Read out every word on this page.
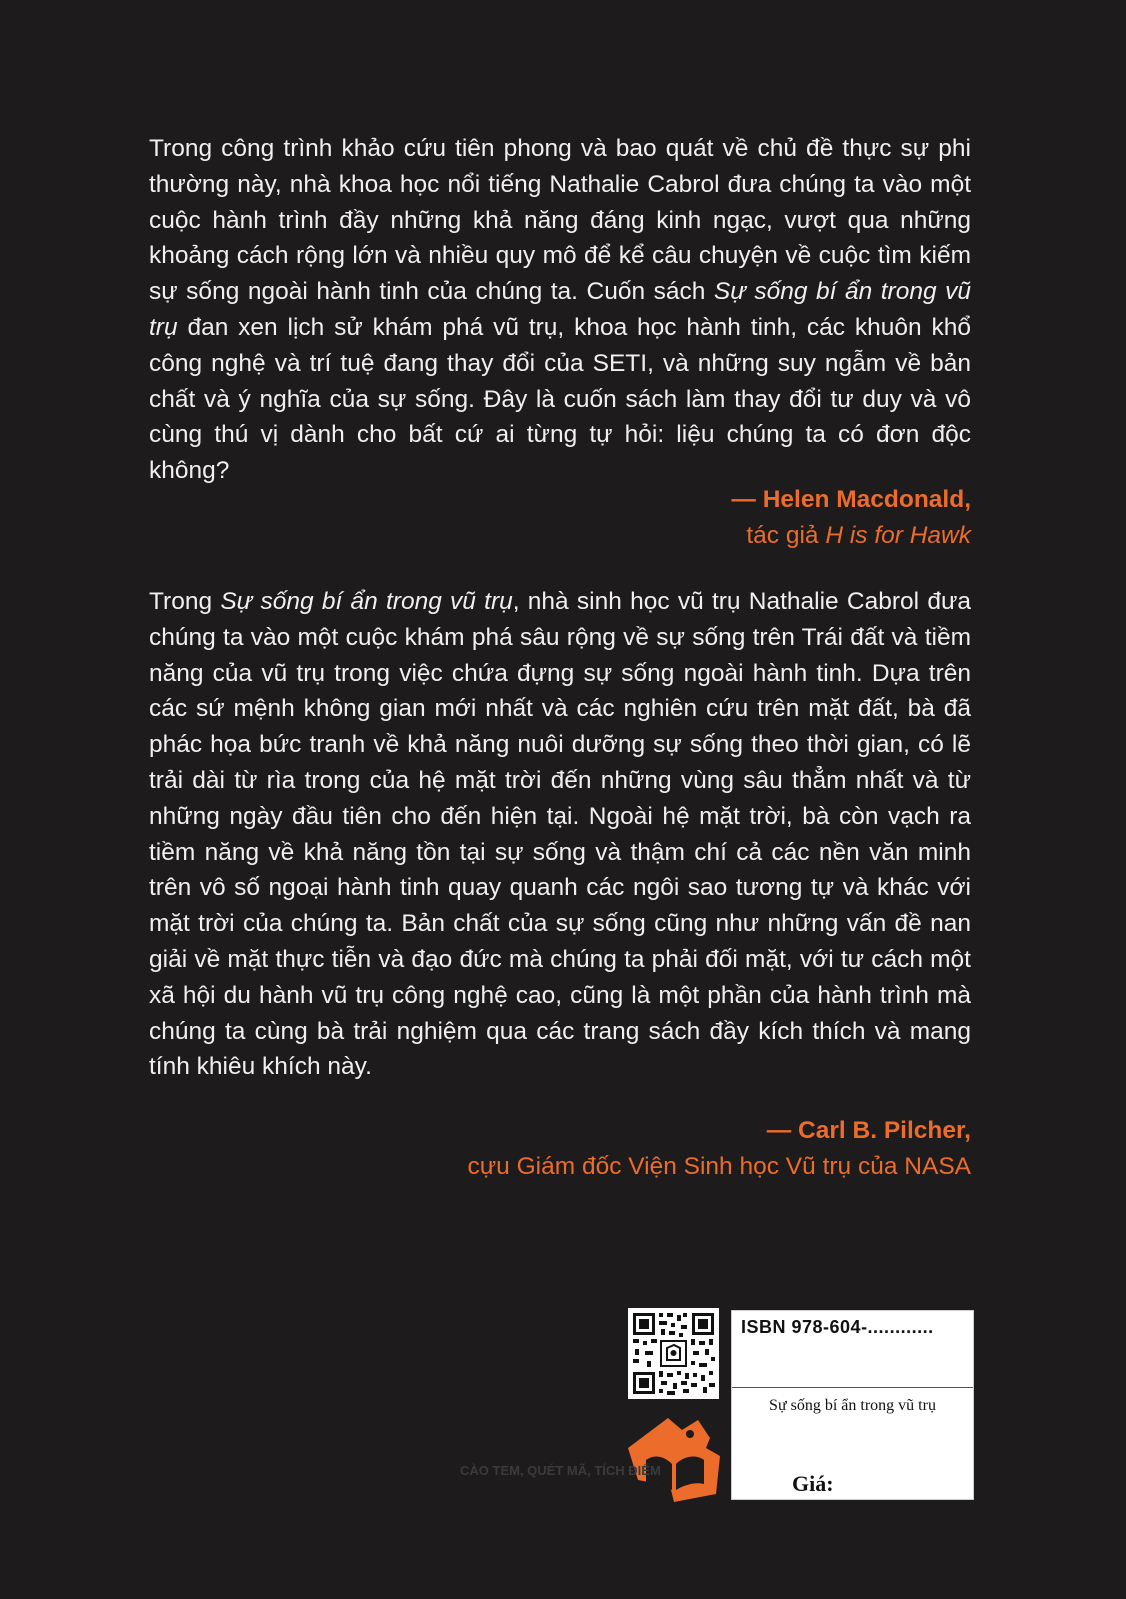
Trong công trình khảo cứu tiên phong và bao quát về chủ đề thực sự phi thường này, nhà khoa học nổi tiếng Nathalie Cabrol đưa chúng ta vào một cuộc hành trình đầy những khả năng đáng kinh ngạc, vượt qua những khoảng cách rộng lớn và nhiều quy mô để kể câu chuyện về cuộc tìm kiếm sự sống ngoài hành tinh của chúng ta. Cuốn sách Sự sống bí ẩn trong vũ trụ đan xen lịch sử khám phá vũ trụ, khoa học hành tinh, các khuôn khổ công nghệ và trí tuệ đang thay đổi của SETI, và những suy ngẫm về bản chất và ý nghĩa của sự sống. Đây là cuốn sách làm thay đổi tư duy và vô cùng thú vị dành cho bất cứ ai từng tự hỏi: liệu chúng ta có đơn độc không?

— Helen Macdonald,
tác giả H is for Hawk

Trong Sự sống bí ẩn trong vũ trụ, nhà sinh học vũ trụ Nathalie Cabrol đưa chúng ta vào một cuộc khám phá sâu rộng về sự sống trên Trái đất và tiềm năng của vũ trụ trong việc chứa đựng sự sống ngoài hành tinh. Dựa trên các sứ mệnh không gian mới nhất và các nghiên cứu trên mặt đất, bà đã phác họa bức tranh về khả năng nuôi dưỡng sự sống theo thời gian, có lẽ trải dài từ rìa trong của hệ mặt trời đến những vùng sâu thẳm nhất và từ những ngày đầu tiên cho đến hiện tại. Ngoài hệ mặt trời, bà còn vạch ra tiềm năng về khả năng tồn tại sự sống và thậm chí cả các nền văn minh trên vô số ngoại hành tinh quay quanh các ngôi sao tương tự và khác với mặt trời của chúng ta. Bản chất của sự sống cũng như những vấn đề nan giải về mặt thực tiễn và đạo đức mà chúng ta phải đối mặt, với tư cách một xã hội du hành vũ trụ công nghệ cao, cũng là một phần của hành trình mà chúng ta cùng bà trải nghiệm qua các trang sách đầy kích thích và mang tính khiêu khích này.

— Carl B. Pilcher,
cựu Giám đốc Viện Sinh học Vũ trụ của NASA
CÀO TEM, QUÉT MÃ, TÍCH ĐIỂM
ISBN 978-604-............
Sự sống bí ẩn trong vũ trụ
Giá:
